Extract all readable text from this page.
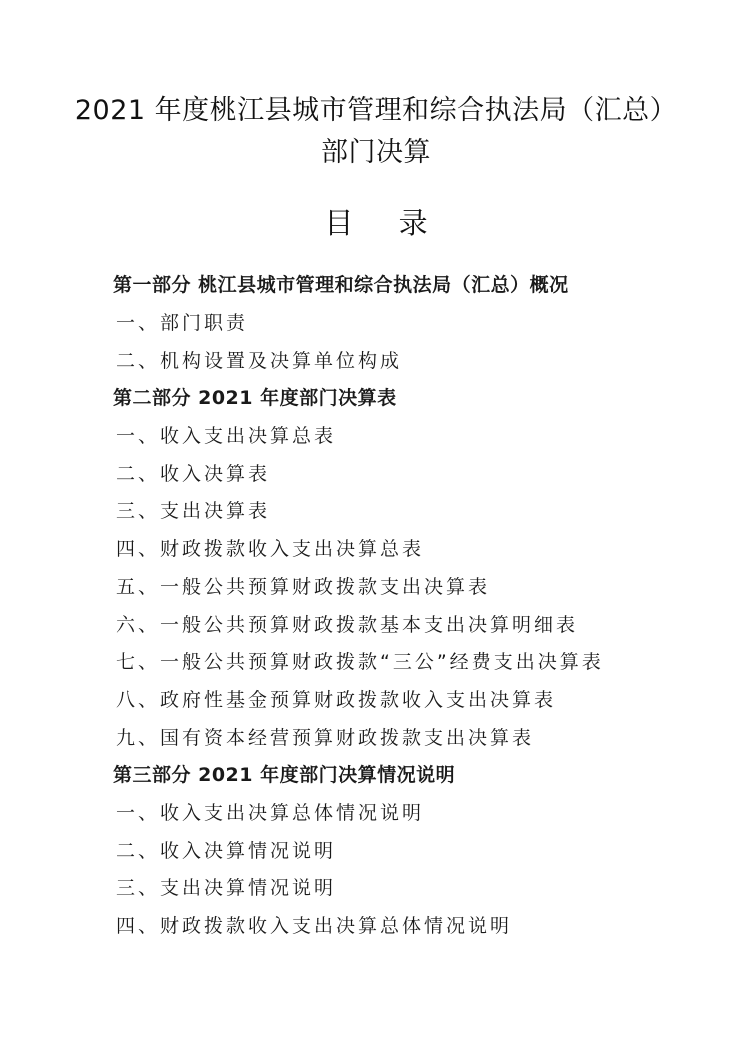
2021 年度桃江县城市管理和综合执法局（汇总）
部门决算
目 录
第一部分 桃江县城市管理和综合执法局（汇总）概况
一、部门职责
二、机构设置及决算单位构成
第二部分 2021 年度部门决算表
一、收入支出决算总表
二、收入决算表
三、支出决算表
四、财政拨款收入支出决算总表
五、一般公共预算财政拨款支出决算表
六、一般公共预算财政拨款基本支出决算明细表
七、一般公共预算财政拨款“三公”经费支出决算表
八、政府性基金预算财政拨款收入支出决算表
九、国有资本经营预算财政拨款支出决算表
第三部分 2021 年度部门决算情况说明
一、收入支出决算总体情况说明
二、收入决算情况说明
三、支出决算情况说明
四、财政拨款收入支出决算总体情况说明
